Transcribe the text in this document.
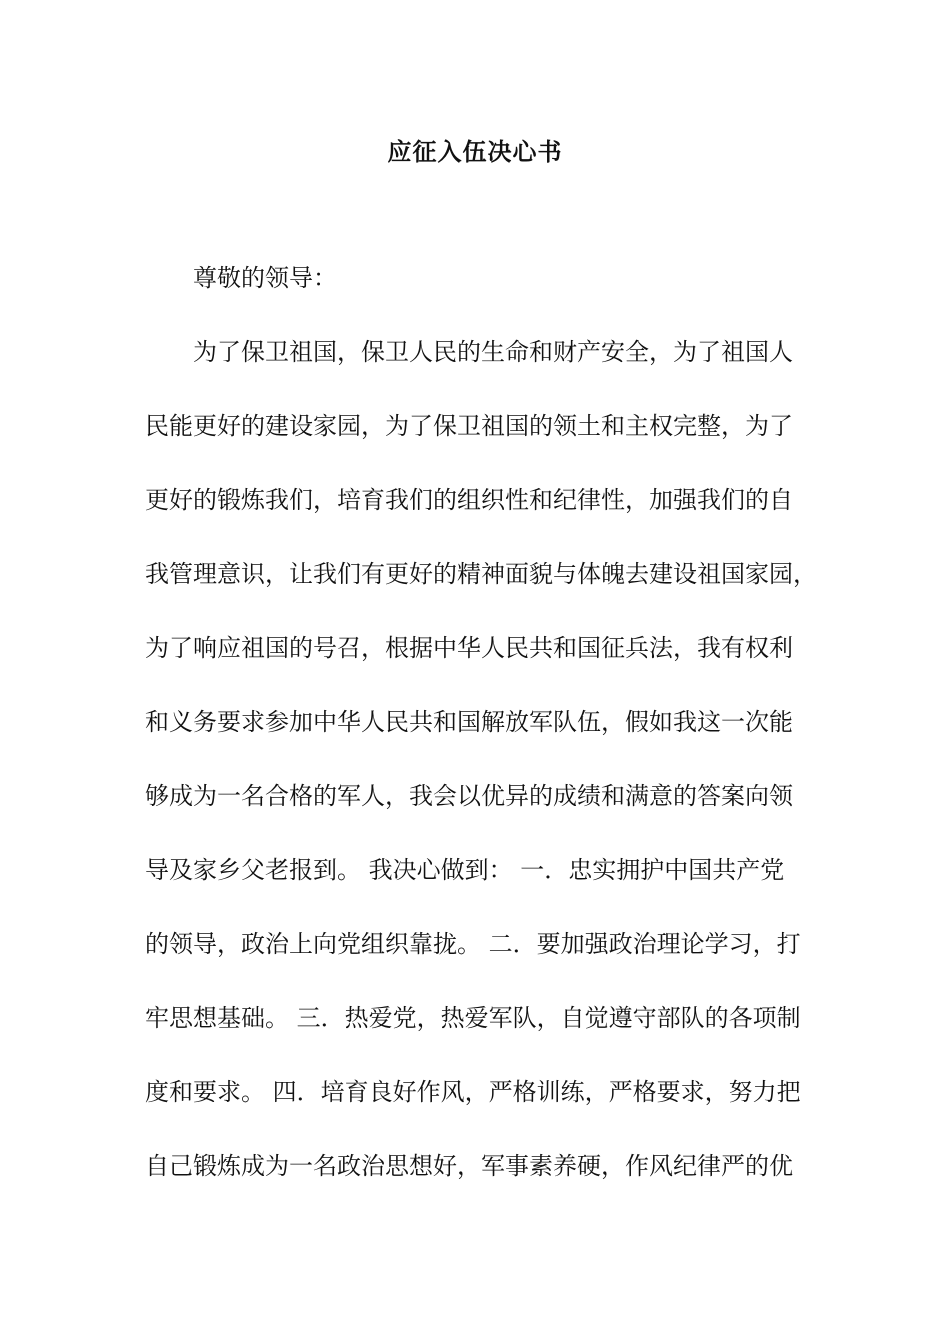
应征入伍决心书
尊敬的领导：
为了保卫祖国，保卫人民的生命和财产安全，为了祖国人
民能更好的建设家园，为了保卫祖国的领土和主权完整，为了
更好的锻炼我们，培育我们的组织性和纪律性，加强我们的自
我管理意识，让我们有更好的精神面貌与体魄去建设祖国家园，
为了响应祖国的号召，根据中华人民共和国征兵法，我有权利
和义务要求参加中华人民共和国解放军队伍，假如我这一次能
够成为一名合格的军人，我会以优异的成绩和满意的答案向领
导及家乡父老报到。 我决心做到： 一．忠实拥护中国共产党
的领导，政治上向党组织靠拢。 二．要加强政治理论学习，打
牢思想基础。 三．热爱党，热爱军队，自觉遵守部队的各项制
度和要求。 四．培育良好作风，严格训练，严格要求，努力把
自己锻炼成为一名政治思想好，军事素养硬，作风纪律严的优
